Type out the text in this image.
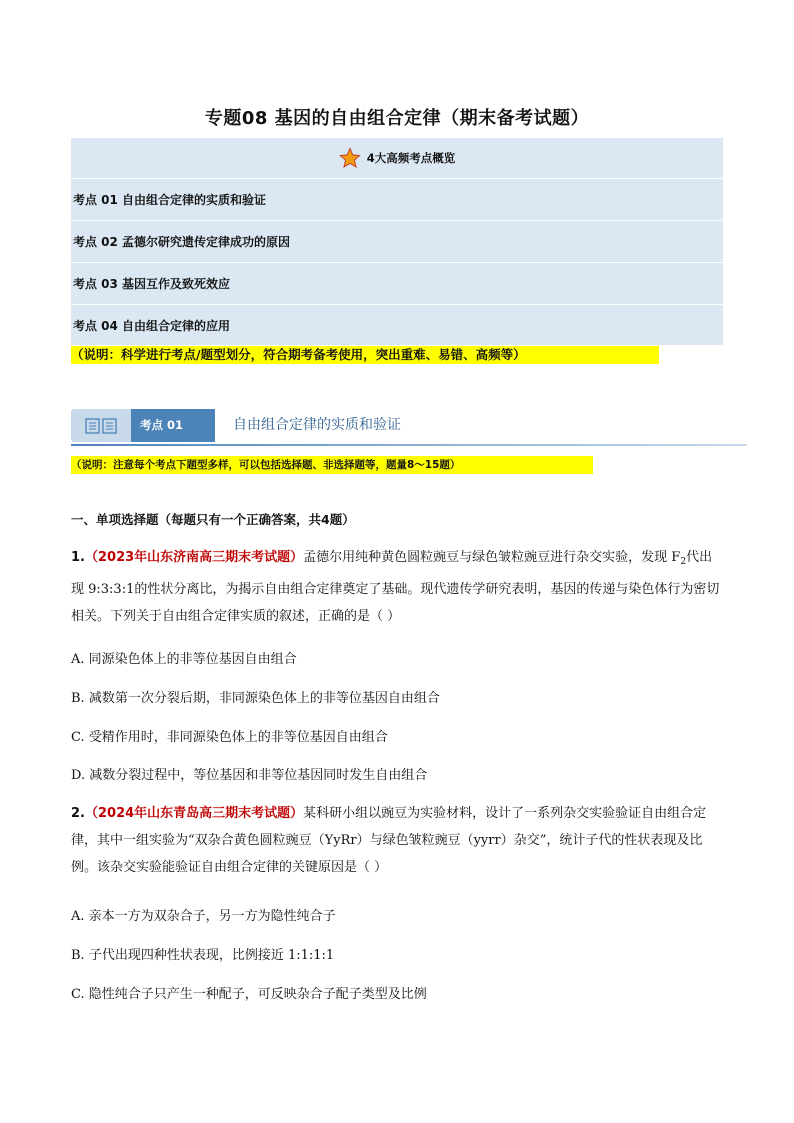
专题08 基因的自由组合定律（期末备考试题）
4大高频考点概览
考点 01 自由组合定律的实质和验证
考点 02 孟德尔研究遗传定律成功的原因
考点 03 基因互作及致死效应
考点 04 自由组合定律的应用
（说明：科学进行考点/题型划分，符合期考备考使用，突出重难、易错、高频等）
考点 01	自由组合定律的实质和验证
（说明：注意每个考点下题型多样，可以包括选择题、非选择题等，题量8～15题）
一、单项选择题（每题只有一个正确答案，共4题）
1.（2023年山东济南高三期末考试题）孟德尔用纯种黄色圆粒豌豆与绿色皱粒豌豆进行杂交实验，发现 $F_2$代出现 9:3:3:1的性状分离比，为揭示自由组合定律奠定了基础。现代遗传学研究表明，基因的传递与染色体行为密切相关。下列关于自由组合定律实质的叙述，正确的是（ ）
A. 同源染色体上的非等位基因自由组合
B. 减数第一次分裂后期，非同源染色体上的非等位基因自由组合
C. 受精作用时，非同源染色体上的非等位基因自由组合
D. 减数分裂过程中，等位基因和非等位基因同时发生自由组合
2.（2024年山东青岛高三期末考试题）某科研小组以豌豆为实验材料，设计了一系列杂交实验验证自由组合定律，其中一组实验为“双杂合黄色圆粒豌豆（YyRr）与绿色皱粒豌豆（yyrr）杂交”，统计子代的性状表现及比例。该杂交实验能验证自由组合定律的关键原因是（ ）
A. 亲本一方为双杂合子，另一方为隐性纯合子
B. 子代出现四种性状表现，比例接近 1:1:1:1
C. 隐性纯合子只产生一种配子，可反映杂合子配子类型及比例
